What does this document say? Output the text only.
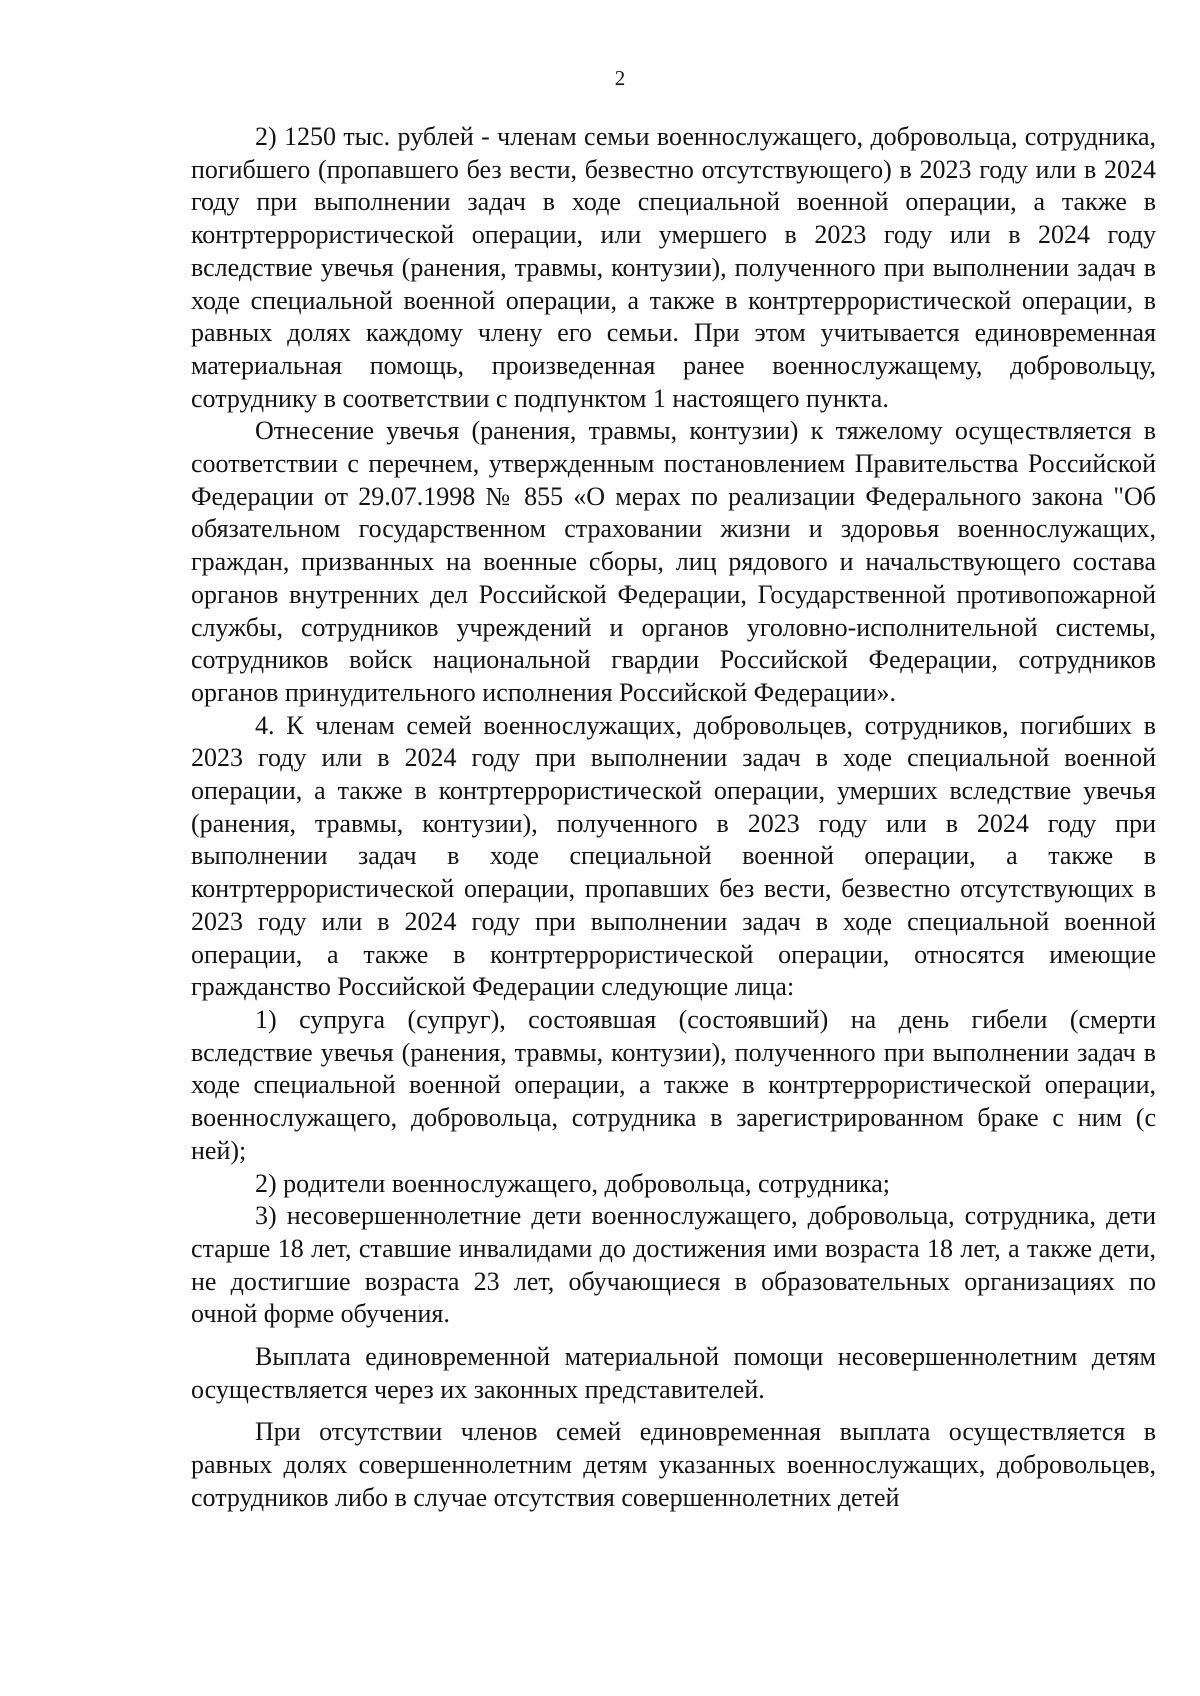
2

2) 1250 тыс. рублей - членам семьи военнослужащего, добровольца, сотрудника, погибшего (пропавшего без вести, безвестно отсутствующего) в 2023 году или в 2024 году при выполнении задач в ходе специальной военной операции, а также в контртеррористической операции, или умершего в 2023 году или в 2024 году вследствие увечья (ранения, травмы, контузии), полученного при выполнении задач в ходе специальной военной операции, а также в контртеррористической операции, в равных долях каждому члену его семьи. При этом учитывается единовременная материальная помощь, произведенная ранее военнослужащему, добровольцу, сотруднику в соответствии с подпунктом 1 настоящего пункта.

Отнесение увечья (ранения, травмы, контузии) к тяжелому осуществляется в соответствии с перечнем, утвержденным постановлением Правительства Российской Федерации от 29.07.1998 № 855 «О мерах по реализации Федерального закона "Об обязательном государственном страховании жизни и здоровья военнослужащих, граждан, призванных на военные сборы, лиц рядового и начальствующего состава органов внутренних дел Российской Федерации, Государственной противопожарной службы, сотрудников учреждений и органов уголовно-исполнительной системы, сотрудников войск национальной гвардии Российской Федерации, сотрудников органов принудительного исполнения Российской Федерации».

4. К членам семей военнослужащих, добровольцев, сотрудников, погибших в 2023 году или в 2024 году при выполнении задач в ходе специальной военной операции, а также в контртеррористической операции, умерших вследствие увечья (ранения, травмы, контузии), полученного в 2023 году или в 2024 году при выполнении задач в ходе специальной военной операции, а также в контртеррористической операции, пропавших без вести, безвестно отсутствующих в 2023 году или в 2024 году при выполнении задач в ходе специальной военной операции, а также в контртеррористической операции, относятся имеющие гражданство Российской Федерации следующие лица:

1) супруга (супруг), состоявшая (состоявший) на день гибели (смерти вследствие увечья (ранения, травмы, контузии), полученного при выполнении задач в ходе специальной военной операции, а также в контртеррористической операции, военнослужащего, добровольца, сотрудника в зарегистрированном браке с ним (с ней);

2) родители военнослужащего, добровольца, сотрудника;

3) несовершеннолетние дети военнослужащего, добровольца, сотрудника, дети старше 18 лет, ставшие инвалидами до достижения ими возраста 18 лет, а также дети, не достигшие возраста 23 лет, обучающиеся в образовательных организациях по очной форме обучения.

Выплата единовременной материальной помощи несовершеннолетним детям осуществляется через их законных представителей.

При отсутствии членов семей единовременная выплата осуществляется в равных долях совершеннолетним детям указанных военнослужащих, добровольцев, сотрудников либо в случае отсутствия совершеннолетних детей
